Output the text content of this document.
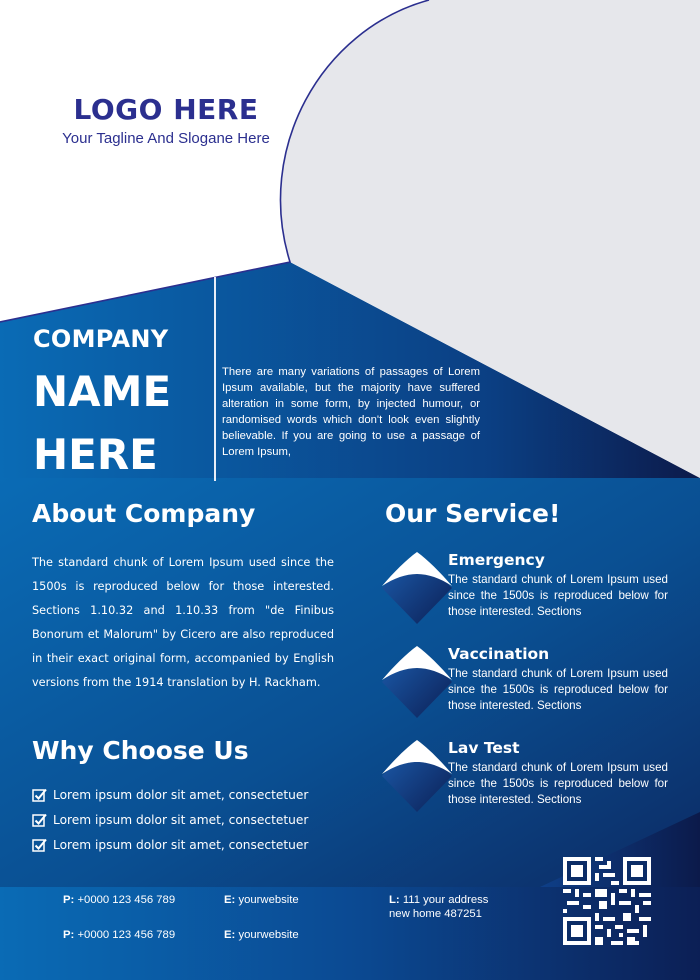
LOGO HERE
Your Tagline And Slogane Here
COMPANY
NAME
HERE
There are many variations of passages of Lorem Ipsum available, but the majority have suffered alteration in some form, by injected humour, or randomised words which don't look even slightly believable. If you are going to use a passage of Lorem Ipsum,
About Company
The standard chunk of Lorem Ipsum used since the 1500s is reproduced below for those interested. Sections 1.10.32 and 1.10.33 from "de Finibus Bonorum et Malorum" by Cicero are also reproduced in their exact original form, accompanied by English versions from the 1914 translation by H. Rackham.
Why Choose Us
Lorem ipsum dolor sit amet, consectetuer
Lorem ipsum dolor sit amet, consectetuer
Lorem ipsum dolor sit amet, consectetuer
Our Service!
Emergency
The standard chunk of Lorem Ipsum used since the 1500s is reproduced below for those interested. Sections
Vaccination
The standard chunk of Lorem Ipsum used since the 1500s is reproduced below for those interested. Sections
Lav Test
The standard chunk of Lorem Ipsum used since the 1500s is reproduced below for those interested. Sections
P: +0000 123 456 789
P: +0000 123 456 789
E: yourwebsite
E: yourwebsite
L: 111 your address
new home 487251
